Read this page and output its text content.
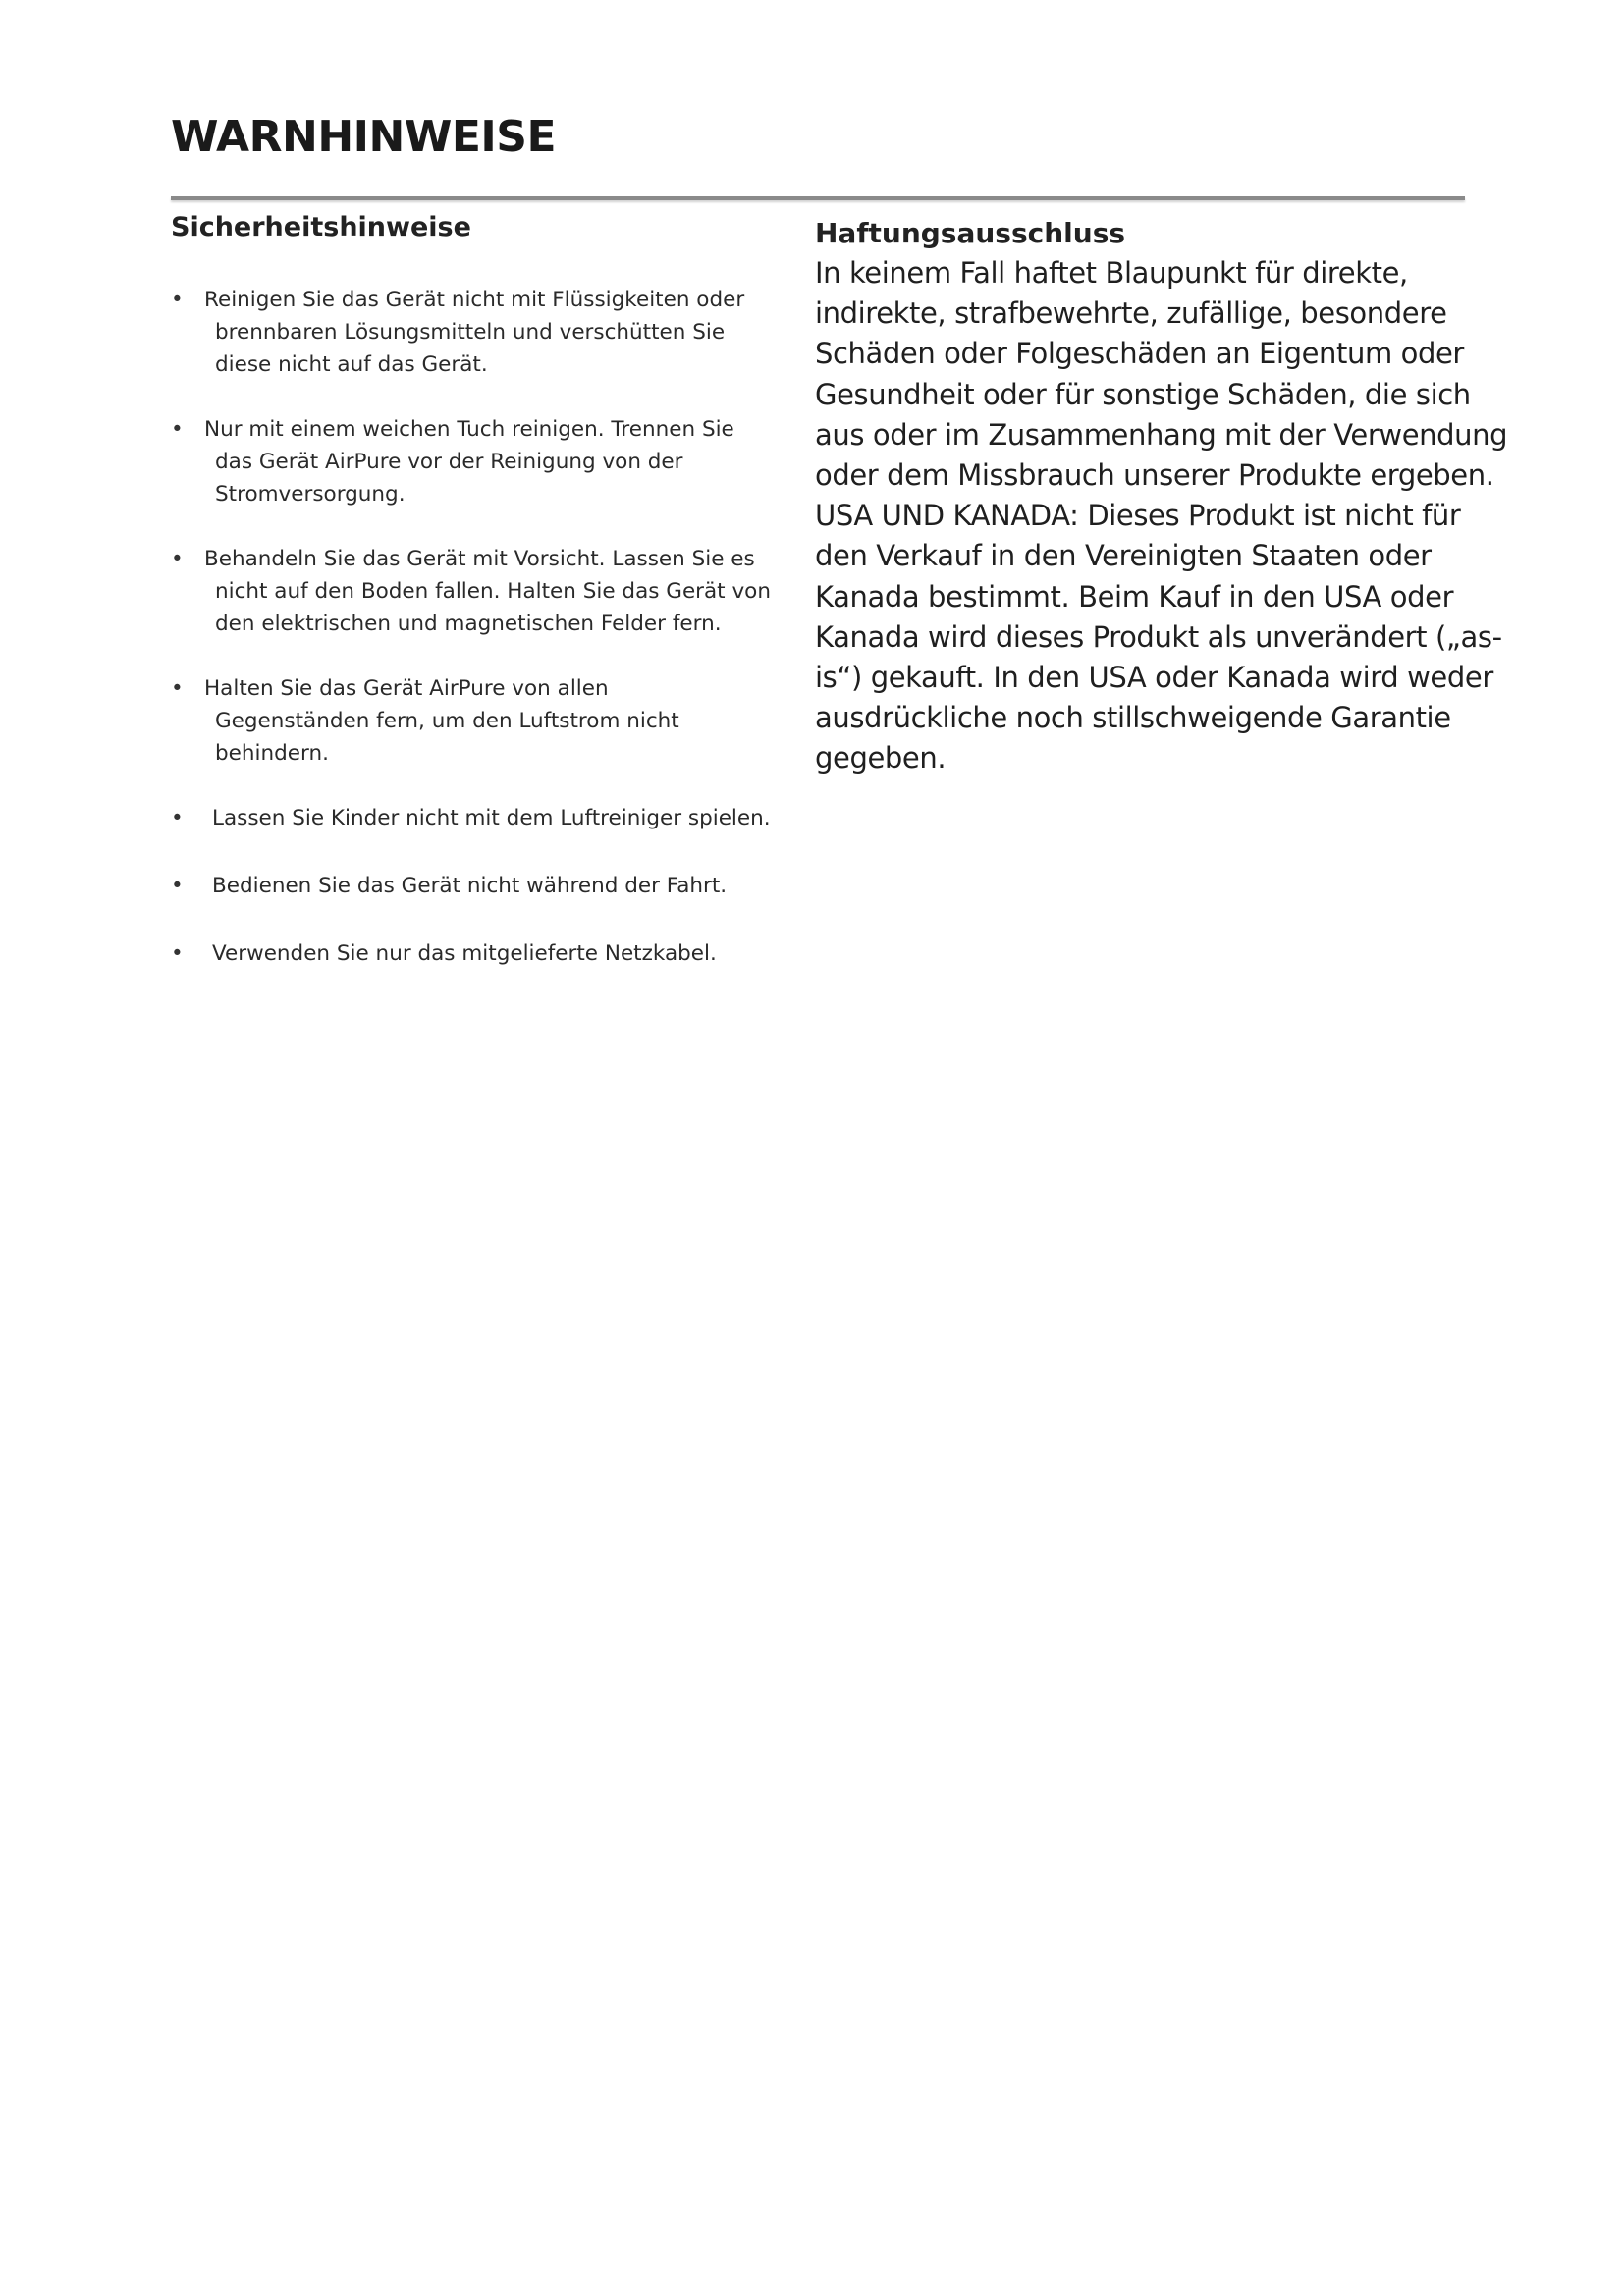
WARNHINWEISE
Sicherheitshinweise
• Reinigen Sie das Gerät nicht mit Flüssigkeiten oder
brennbaren Lösungsmitteln und verschütten Sie
diese nicht auf das Gerät.
• Nur mit einem weichen Tuch reinigen. Trennen Sie
das Gerät AirPure vor der Reinigung von der
Stromversorgung.
• Behandeln Sie das Gerät mit Vorsicht. Lassen Sie es
nicht auf den Boden fallen. Halten Sie das Gerät von
den elektrischen und magnetischen Felder fern.
• Halten Sie das Gerät AirPure von allen
Gegenständen fern, um den Luftstrom nicht
behindern.
•	Lassen Sie Kinder nicht mit dem Luftreiniger spielen.
•	Bedienen Sie das Gerät nicht während der Fahrt.
•	Verwenden Sie nur das mitgelieferte Netzkabel.
Haftungsausschluss

In keinem Fall haftet Blaupunkt für direkte,
indirekte, strafbewehrte, zufällige, besondere
Schäden oder Folgeschäden an Eigentum oder
Gesundheit oder für sonstige Schäden, die sich
aus oder im Zusammenhang mit der Verwendung
oder dem Missbrauch unserer Produkte ergeben.
USA UND KANADA: Dieses Produkt ist nicht für
den Verkauf in den Vereinigten Staaten oder
Kanada bestimmt. Beim Kauf in den USA oder
Kanada wird dieses Produkt als unverändert („as-
is“) gekauft. In den USA oder Kanada wird weder
ausdrückliche noch stillschweigende Garantie
gegeben.
